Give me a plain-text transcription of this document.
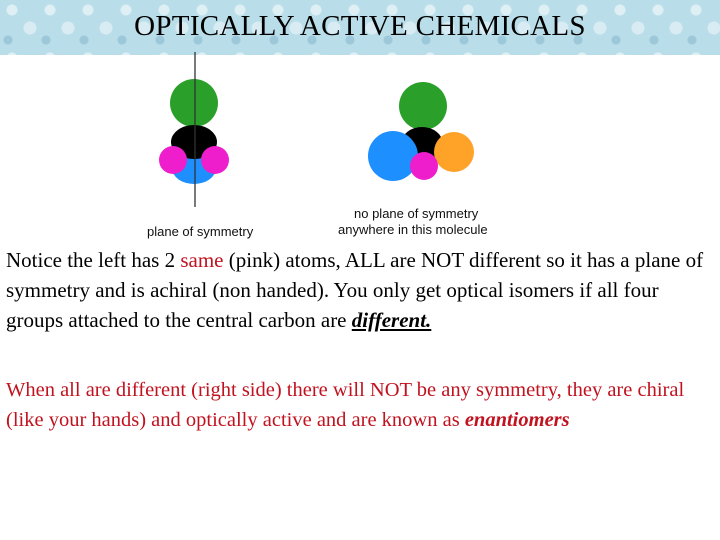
OPTICALLY ACTIVE CHEMICALS
plane of symmetry
no plane of symmetry
anywhere in this molecule
Notice the left has 2 same (pink) atoms, ALL are NOT different so it has a plane of symmetry and is achiral (non handed). You only get optical isomers if all four groups attached to the central carbon are different.
When all are different (right side) there will NOT be any symmetry, they are chiral (like your hands) and optically active and are known as enantiomers
